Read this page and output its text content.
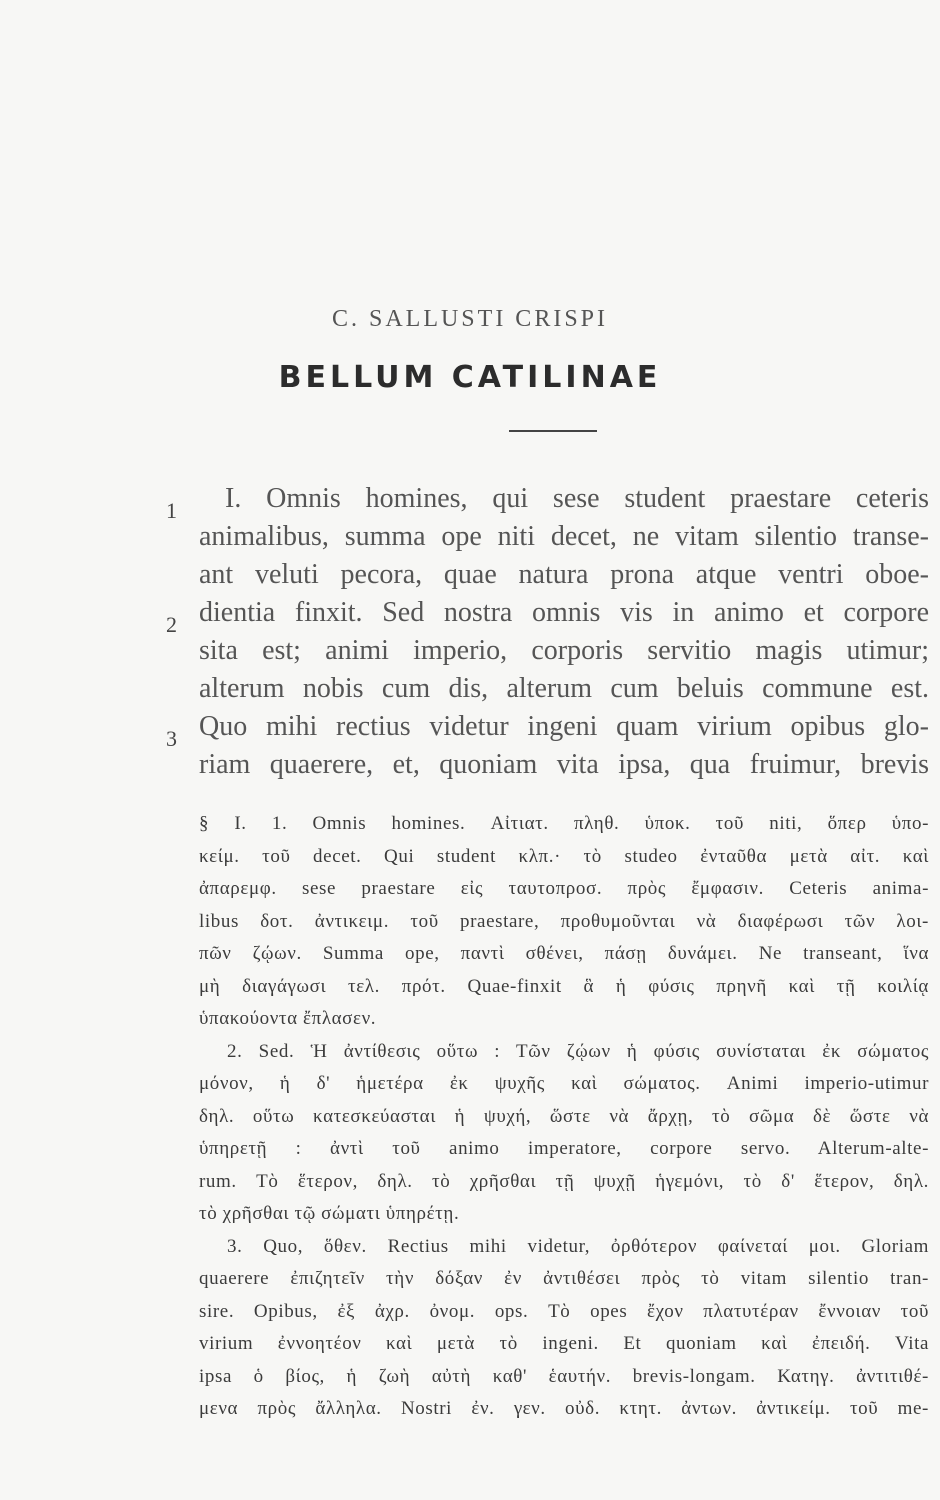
C. SALLUSTI CRISPI
BELLUM CATILINAE
1
2
3
I. Omnis homines, qui sese student praestare ceteris
animalibus, summa ope niti decet, ne vitam silentio transe-
ant veluti pecora, quae natura prona atque ventri oboe-
dientia finxit. Sed nostra omnis vis in animo et corpore
sita est; animi imperio, corporis servitio magis utimur;
alterum nobis cum dis, alterum cum beluis commune est.
Quo mihi rectius videtur ingeni quam virium opibus glo-
riam quaerere, et, quoniam vita ipsa, qua fruimur, brevis
§ I. 1. Omnis homines. Αἰτιατ. πληθ. ὑποκ. τοῦ niti, ὅπερ ὑπο-
κείμ. τοῦ decet. Qui student κλπ.· τὸ studeo ἐνταῦθα μετὰ αἰτ. καὶ
ἀπαρεμφ. sese praestare εἰς ταυτοπροσ. πρὸς ἔμφασιν. Ceteris anima-
libus δοτ. ἀντικειμ. τοῦ praestare, προθυμοῦνται νὰ διαφέρωσι τῶν λοι-
πῶν ζῴων. Summa ope, παντὶ σθένει, πάσῃ δυνάμει. Ne transeant, ἵνα
μὴ διαγάγωσι τελ. πρότ. Quae-finxit ἃ ἡ φύσις πρηνῆ καὶ τῇ κοιλίᾳ
ὑπακούοντα ἔπλασεν.
2. Sed. Ἡ ἀντίθεσις οὕτω : Τῶν ζῴων ἡ φύσις συνίσταται ἐκ σώματος
μόνον, ἡ δ' ἡμετέρα ἐκ ψυχῆς καὶ σώματος. Animi imperio-utimur
δηλ. οὕτω κατεσκεύασται ἡ ψυχή, ὥστε νὰ ἄρχῃ, τὸ σῶμα δὲ ὥστε νὰ
ὑπηρετῇ : ἀντὶ τοῦ animo imperatore, corpore servo. Alterum-alte-
rum. Τὸ ἕτερον, δηλ. τὸ χρῆσθαι τῇ ψυχῇ ἡγεμόνι, τὸ δ' ἕτερον, δηλ.
τὸ χρῆσθαι τῷ σώματι ὑπηρέτῃ.
3. Quo, ὅθεν. Rectius mihi videtur, ὀρθότερον φαίνεταί μοι. Gloriam
quaerere ἐπιζητεῖν τὴν δόξαν ἐν ἀντιθέσει πρὸς τὸ vitam silentio tran-
sire. Opibus, ἐξ ἀχρ. ὀνομ. ops. Τὸ opes ἔχον πλατυτέραν ἔννοιαν τοῦ
virium ἐννοητέον καὶ μετὰ τὸ ingeni. Et quoniam καὶ ἐπειδή. Vita
ipsa ὁ βίος, ἡ ζωὴ αὐτὴ καθ' ἑαυτήν. brevis-longam. Κατηγ. ἀντιτιθέ-
μενα πρὸς ἄλληλα. Nostri ἐν. γεν. οὐδ. κτητ. ἀντων. ἀντικείμ. τοῦ me-
